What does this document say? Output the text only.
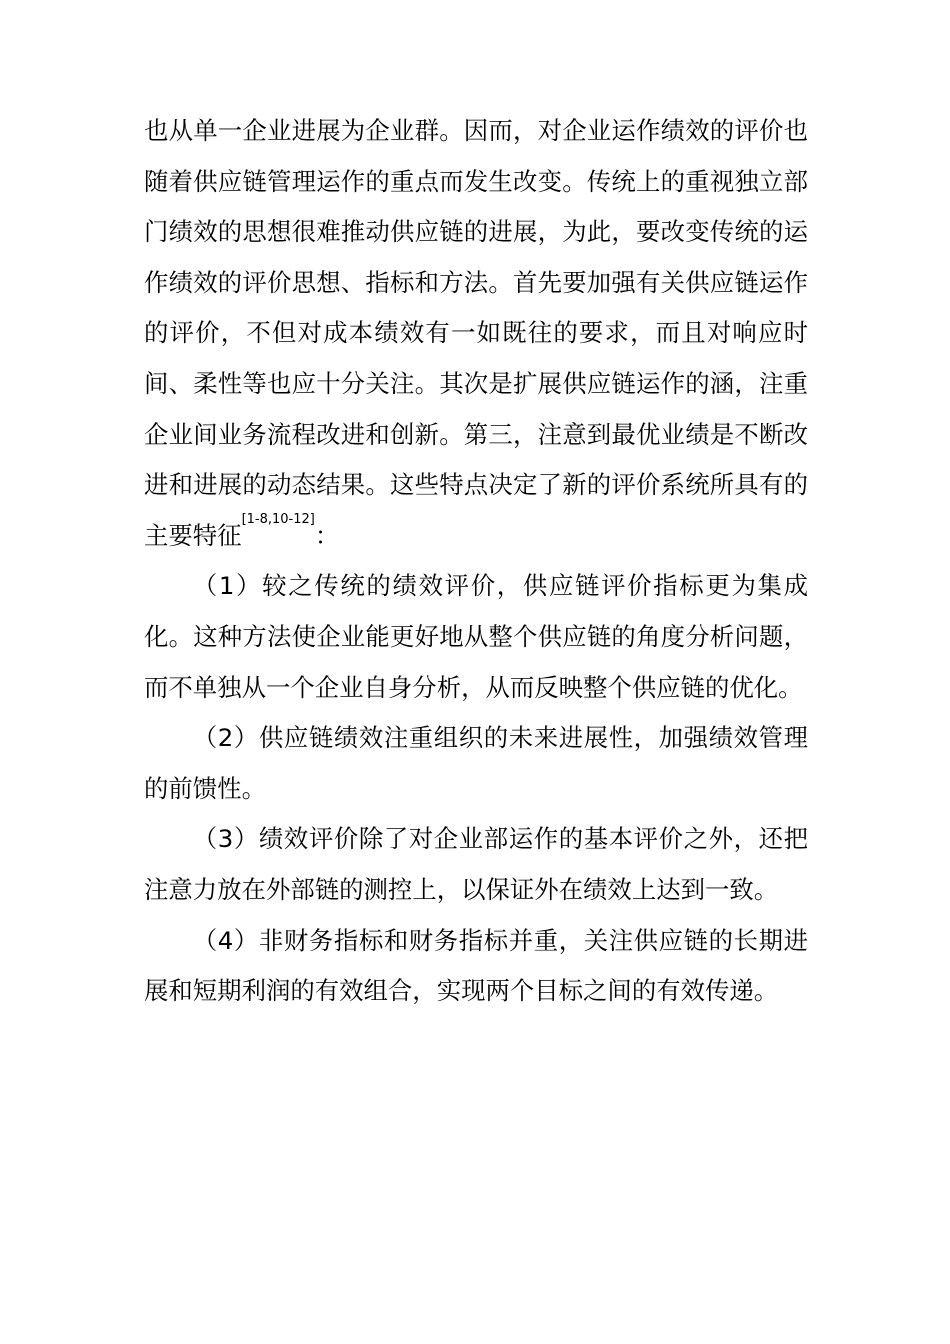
也从单一企业进展为企业群。因而，对企业运作绩效的评价也随着供应链管理运作的重点而发生改变。传统上的重视独立部门绩效的思想很难推动供应链的进展，为此，要改变传统的运作绩效的评价思想、指标和方法。首先要加强有关供应链运作的评价，不但对成本绩效有一如既往的要求，而且对响应时间、柔性等也应十分关注。其次是扩展供应链运作的涵，注重企业间业务流程改进和创新。第三，注意到最优业绩是不断改进和进展的动态结果。这些特点决定了新的评价系统所具有的主要特征[1-8,10-12]：

（1）较之传统的绩效评价，供应链评价指标更为集成化。这种方法使企业能更好地从整个供应链的角度分析问题，而不单独从一个企业自身分析，从而反映整个供应链的优化。

（2）供应链绩效注重组织的未来进展性，加强绩效管理的前馈性。

（3）绩效评价除了对企业部运作的基本评价之外，还把注意力放在外部链的测控上，以保证外在绩效上达到一致。

（4）非财务指标和财务指标并重，关注供应链的长期进展和短期利润的有效组合，实现两个目标之间的有效传递。
